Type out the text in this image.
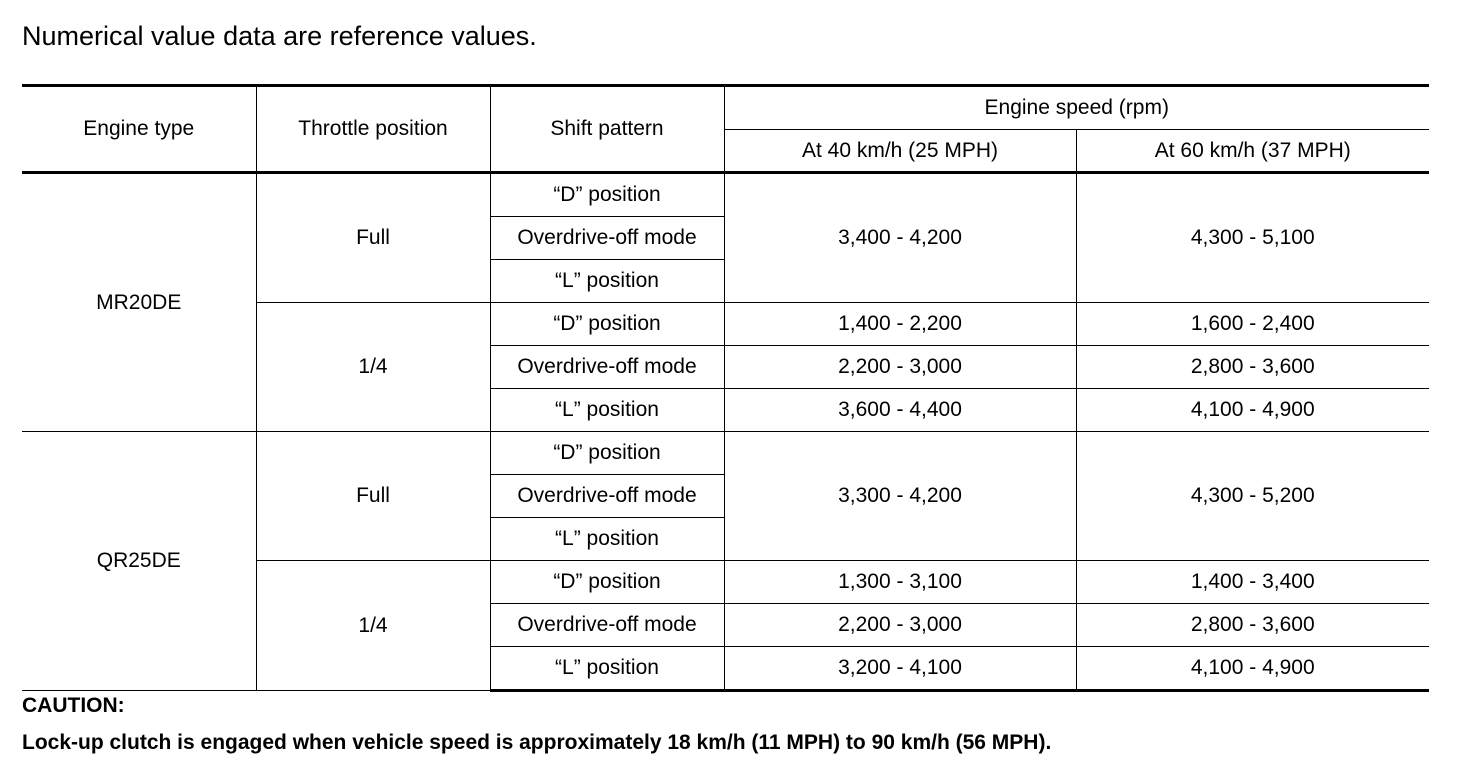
Numerical value data are reference values.
Engine type	Throttle position	Shift pattern	Engine speed (rpm)	
			At 40 km/h (25 MPH)	At 60 km/h (37 MPH)
MR20DE	Full	“D” position	3,400 - 4,200	4,300 - 5,100
		Overdrive-off mode		
		“L” position		
	1/4	“D” position	1,400 - 2,200	1,600 - 2,400
		Overdrive-off mode	2,200 - 3,000	2,800 - 3,600
		“L” position	3,600 - 4,400	4,100 - 4,900
QR25DE	Full	“D” position	3,300 - 4,200	4,300 - 5,200
		Overdrive-off mode		
		“L” position		
	1/4	“D” position	1,300 - 3,100	1,400 - 3,400
		Overdrive-off mode	2,200 - 3,000	2,800 - 3,600
		“L” position	3,200 - 4,100	4,100 - 4,900
CAUTION:
Lock-up clutch is engaged when vehicle speed is approximately 18 km/h (11 MPH) to 90 km/h (56 MPH).
